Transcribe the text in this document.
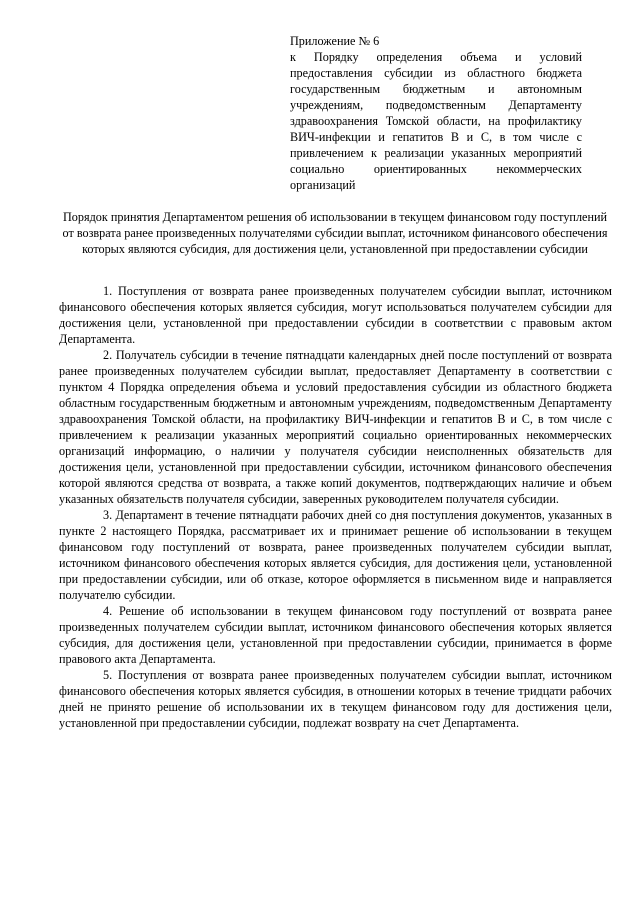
Приложение № 6

к Порядку определения объема и условий предоставления субсидии из областного бюджета государственным бюджетным и автономным учреждениям, подведомственным Департаменту здравоохранения Томской области, на профилактику ВИЧ-инфекции и гепатитов В и С, в том числе с привлечением к реализации указанных мероприятий социально ориентированных некоммерческих организаций

Порядок принятия Департаментом решения об использовании в текущем финансовом году поступлений от возврата ранее произведенных получателями субсидии выплат, источником финансового обеспечения которых являются субсидия, для достижения цели, установленной при предоставлении субсидии

1. Поступления от возврата ранее произведенных получателем субсидии выплат, источником финансового обеспечения которых является субсидия, могут использоваться получателем субсидии для достижения цели, установленной при предоставлении субсидии в соответствии с правовым актом Департамента.

2. Получатель субсидии в течение пятнадцати календарных дней после поступлений от возврата ранее произведенных получателем субсидии выплат, предоставляет Департаменту в соответствии с пунктом 4 Порядка определения объема и условий предоставления субсидии из областного бюджета областным государственным бюджетным и автономным учреждениям, подведомственным Департаменту здравоохранения Томской области, на профилактику ВИЧ-инфекции и гепатитов В и С, в том числе с привлечением к реализации указанных мероприятий социально ориентированных некоммерческих организаций информацию, о наличии у получателя субсидии неисполненных обязательств для достижения цели, установленной при предоставлении субсидии, источником финансового обеспечения которой являются средства от возврата, а также копий документов, подтверждающих наличие и объем указанных обязательств получателя субсидии, заверенных руководителем получателя субсидии.

3. Департамент в течение пятнадцати рабочих дней со дня поступления документов, указанных в пункте 2 настоящего Порядка, рассматривает их и принимает решение об использовании в текущем финансовом году поступлений от возврата, ранее произведенных получателем субсидии выплат, источником финансового обеспечения которых является субсидия, для достижения цели, установленной при предоставлении субсидии, или об отказе, которое оформляется в письменном виде и направляется получателю субсидии.

4. Решение об использовании в текущем финансовом году поступлений от возврата ранее произведенных получателем субсидии выплат, источником финансового обеспечения которых является субсидия, для достижения цели, установленной при предоставлении субсидии, принимается в форме правового акта Департамента.

5. Поступления от возврата ранее произведенных получателем субсидии выплат, источником финансового обеспечения которых является субсидия, в отношении которых в течение тридцати рабочих дней не принято решение об использовании их в текущем финансовом году для достижения цели, установленной при предоставлении субсидии, подлежат возврату на счет Департамента.
